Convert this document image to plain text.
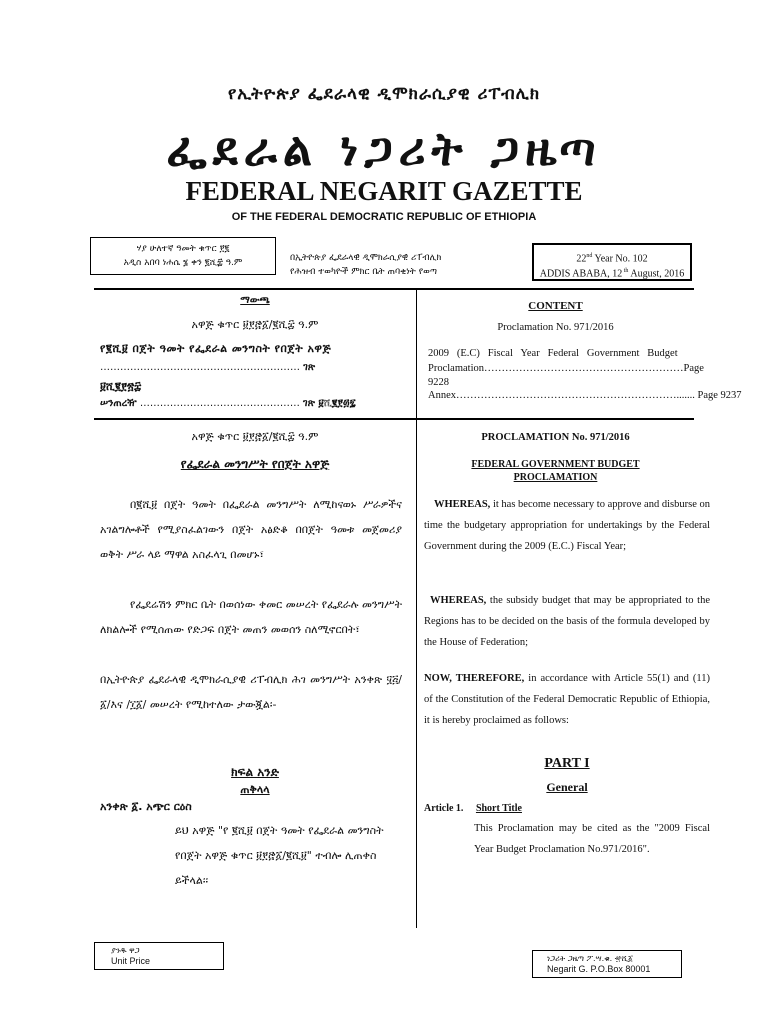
የኢትዮጵያ ፌደራላዊ ዲሞክራሲያዊ ሪፐብሊክ
ፌደራል ነጋሪት ጋዜጣ
FEDERAL NEGARIT GAZETTE
OF THE FEDERAL DEMOCRATIC REPUBLIC OF ETHIOPIA
ሃያ ሁለተኛ ዓመት ቁጥር ፻፪
አዲስ አበባ ነሐሴ ፮ ቀን ፪ሺ፰ ዓ.ም	በኢትዮጵያ ፌደራላዊ ዲሞክራሲያዊ ሪፐብሊክ
የሕዝብ ተወካዮች ምክር ቤት ጠባቂነት የወጣ
22nd Year No. 102
ADDIS ABABA, 12 $^{th}$ August, 2016
ማውጫ
አዋጅ ቁጥር ፱፻፸፩/፪ሺ፰ ዓ.ም
የ፪ሺ፱ በጀት ዓመት የፌደራል መንግስት የበጀት አዋጅ
…………………………………………………… ገጽ
፱ሺ፪፻፳፰
ሠንጠረዥ ………………………………………… ገጽ ፱ሺ፪፻፴፯
CONTENT
Proclamation No. 971/2016
2009   (E.C)   Fiscal   Year   Federal   Government   Budget
Proclamation…………………………………………………Page
9228
Annex………………………………………………………....... Page 9237
አዋጅ ቁጥር ፱፻፸፩/፪ሺ፰ ዓ.ም
የፌደራል መንግሥት የበጀት አዋጅ
በ፪ሺ፱ በጀት ዓመት በፌደራል መንግሥት ለሚከናወኑ ሥራዎችና አገልግሎቶች የሚያስፈልገውን በጀት አፅድቆ በበጀት ዓመቱ መጀመሪያ ወቅት ሥራ ላይ ማዋል አስፈላጊ በመሆኑ፣
የፌደሬሽን ምክር ቤት በወሰነው ቀመር መሠረት የፌደራሉ መንግሥት ለክልሎች የሚሰጠው የድጋፍ በጀት መጠን መወሰን ስለሚኖርበት፣
በኢትዮጵያ ፌደራላዊ ዲሞክራሲያዊ ሪፐብሊክ ሕገ መንግሥት አንቀጽ ፶፭/፩/እና /፲፩/ መሠረት የሚከተለው ታውጇል፡-
ክፍል አንድ
ጠቅላላ
አንቀጽ ፩. አጭር ርዕስ
ይህ አዋጅ "የ ፪ሺ፱ በጀት ዓመት የፌደራል መንግስት የበጀት አዋጅ ቁጥር ፱፻፸፩/፪ሺ፱" ተብሎ ሊጠቀስ ይችላል፡፡
PROCLAMATION No. 971/2016
FEDERAL GOVERNMENT BUDGET
PROCLAMATION
WHEREAS, it has become necessary to approve and disburse on time the budgetary appropriation for undertakings by the Federal Government during the 2009 (E.C.) Fiscal Year;
WHEREAS, the subsidy budget that may be appropriated to the Regions has to be decided on the basis of the formula developed by the House of Federation;
NOW, THEREFORE, in accordance with Article 55(1) and (11) of the Constitution of the Federal Democratic Republic of Ethiopia, it is hereby proclaimed as follows:
PART I
General
Article 1. Short Title
This Proclamation may be cited as the "2009 Fiscal Year Budget Proclamation No.971/2016".
ያንዱ ዋጋ
Unit Price	ነጋሪት ጋዜጣ ፖ.ሣ.ቁ. ፹ሺ፩
Negarit G. P.O.Box 80001
